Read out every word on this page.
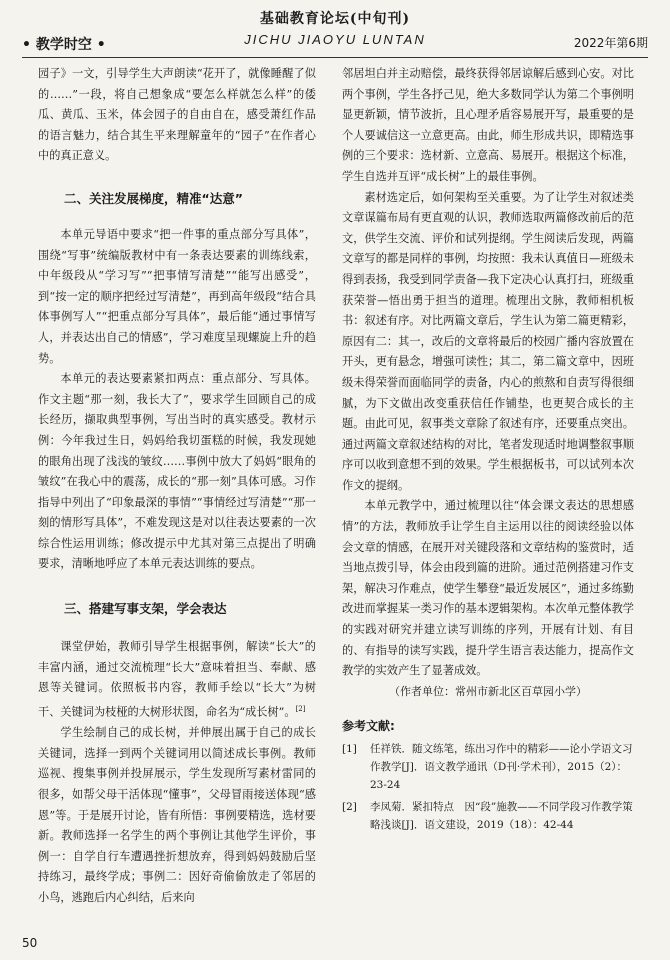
• 教学时空 •
基础教育论坛(中旬刊)
JICHU JIAOYU LUNTAN	2022年第6期

园子》一文，引导学生大声朗读“花开了，就像睡醒了似的……”一段，将自己想象成“要怎么样就怎么样”的倭瓜、黄瓜、玉米，体会园子的自由自在，感受萧红作品的语言魅力，结合其生平来理解童年的“园子”在作者心中的真正意义。

二、关注发展梯度，精准“达意”

本单元导语中要求“把一件事的重点部分写具体”，围绕“写事”统编版教材中有一条表达要素的训练线索，中年级段从“学习写”“把事情写清楚”“能写出感受”，到“按一定的顺序把经过写清楚”，再到高年级段“结合具体事例写人”“把重点部分写具体”，最后能“通过事情写人，并表达出自己的情感”，学习难度呈现螺旋上升的趋势。

本单元的表达要素紧扣两点：重点部分、写具体。作文主题“那一刻，我长大了”，要求学生回顾自己的成长经历，撷取典型事例，写出当时的真实感受。教材示例：今年我过生日，妈妈给我切蛋糕的时候，我发现她的眼角出现了浅浅的皱纹……事例中放大了妈妈“眼角的皱纹”在我心中的震荡，成长的“那一刻”具体可感。习作指导中列出了“印象最深的事情”“事情经过写清楚”“那一刻的情形写具体”，不难发现这是对以往表达要素的一次综合性运用训练；修改提示中尤其对第三点提出了明确要求，清晰地呼应了本单元表达训练的要点。

三、搭建写事支架，学会表达

课堂伊始，教师引导学生根据事例，解读“长大”的丰富内涵，通过交流梳理“长大”意味着担当、奉献、感恩等关键词。依照板书内容，教师手绘以“长大”为树干、关键词为枝桠的大树形状图，命名为“成长树”。[2]

学生绘制自己的成长树，并伸展出属于自己的成长关键词，选择一到两个关键词用以简述成长事例。教师巡视、搜集事例并投屏展示，学生发现所写素材雷同的很多，如帮父母干活体现“懂事”，父母冒雨接送体现“感恩”等。于是展开讨论，皆有所悟：事例要精选，选材要新。教师选择一名学生的两个事例让其他学生评价，事例一：自学自行车遭遇挫折想放弃，得到妈妈鼓励后坚持练习，最终学成；事例二：因好奇偷偷放走了邻居的小鸟，逃跑后内心纠结，后来向

邻居坦白并主动赔偿，最终获得邻居谅解后感到心安。对比两个事例，学生各抒己见，绝大多数同学认为第二个事例明显更新颖，情节波折，且心理矛盾容易展开写，最重要的是个人要诚信这一立意更高。由此，师生形成共识，即精选事例的三个要求：选材新、立意高、易展开。根据这个标准，学生自选并互评“成长树”上的最佳事例。

素材选定后，如何架构至关重要。为了让学生对叙述类文章谋篇布局有更直观的认识，教师选取两篇修改前后的范文，供学生交流、评价和试列提纲。学生阅读后发现，两篇文章写的都是同样的事例，均按照：我未认真值日—班级未得到表扬，我受到同学责备—我下定决心认真打扫，班级重获荣誉—悟出勇于担当的道理。梳理出文脉，教师相机板书：叙述有序。对比两篇文章后，学生认为第二篇更精彩，原因有二：其一，改后的文章将最后的校园广播内容放置在开头，更有悬念，增强可读性；其二，第二篇文章中，因班级未得荣誉而面临同学的责备，内心的煎熬和自责写得很细腻，为下文做出改变重获信任作铺垫，也更契合成长的主题。由此可见，叙事类文章除了叙述有序，还要重点突出。通过两篇文章叙述结构的对比，笔者发现适时地调整叙事顺序可以收到意想不到的效果。学生根据板书，可以试列本次作文的提纲。

本单元教学中，通过梳理以往“体会课文表达的思想感情”的方法，教师放手让学生自主运用以往的阅读经验以体会文章的情感，在展开对关键段落和文章结构的鉴赏时，适当地点拨引导，体会由段到篇的进阶。通过范例搭建习作支架，解决习作难点，使学生攀登“最近发展区”，通过多练勤改进而掌握某一类习作的基本逻辑架构。本次单元整体教学的实践对研究并建立读写训练的序列，开展有计划、有目的、有指导的读写实践，提升学生语言表达能力，提高作文教学的实效产生了显著成效。

（作者单位：常州市新北区百草园小学）

参考文献:
[1]	任祥铁．随文练笔，练出习作中的精彩——论小学语文习作教学[J]．语文教学通讯（D刊·学术刊），2015（2）：23-24
[2]	李凤菊．紧扣特点　因“段”施教——不同学段习作教学策略浅谈[J]．语文建设，2019（18）：42-44
50
